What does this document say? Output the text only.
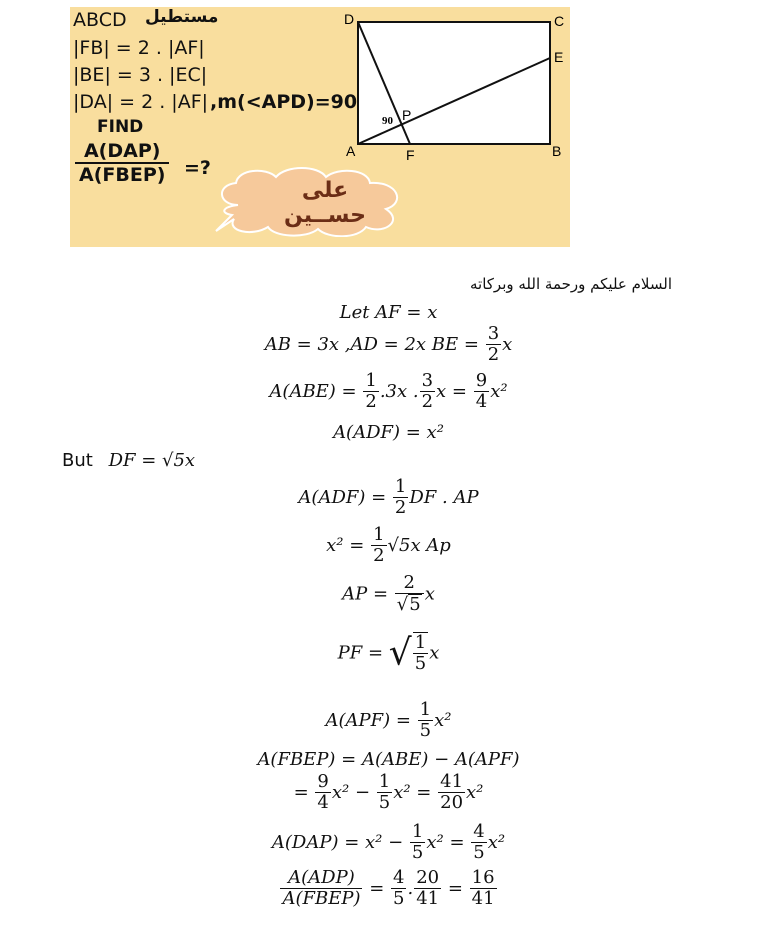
ABCD مستطيل
|FB| = 2 . |AF|
|BE| = 3 . |EC|
|DA| = 2 . |AF| ,m(<APD)=90
FIND
A(DAP)
A(FBEP) =?
على حســين
D	C
E
A	F	B
P
90
السلام عليكم ورحمة الله وبركاته
Let AF = x
AB = 3x ,AD = 2x BE = $\frac{3}{2}$ x
$A(ABE) = \frac{1}{2} .3x$ . $\frac{3}{2}$ $x = \frac{9}{4} x^2$
A(ADF) = x²
But DF = √5x
$A(ADF) = \frac{1}{2}$ DF . AP
$x^2 = \frac{1}{2} √5x$ Ap
AP = $\frac{2}{√5}$ x
PF = √ $\frac{1}{5}$ x
$A(APF) = \frac{1}{5} x^2$
A(FBEP) = A(ABE) − A(APF)
= $\frac{9}{4} x^2 - \frac{1}{5} x^2 = \frac{41}{20} x^2$
$A(DAP) = x^2 - \frac{1}{5} x^2 = \frac{4}{5} x^2$
A(ADP)
A(FBEP) = $\frac{4}{5}$ . $\frac{20}{41} = \frac{16}{41}$
